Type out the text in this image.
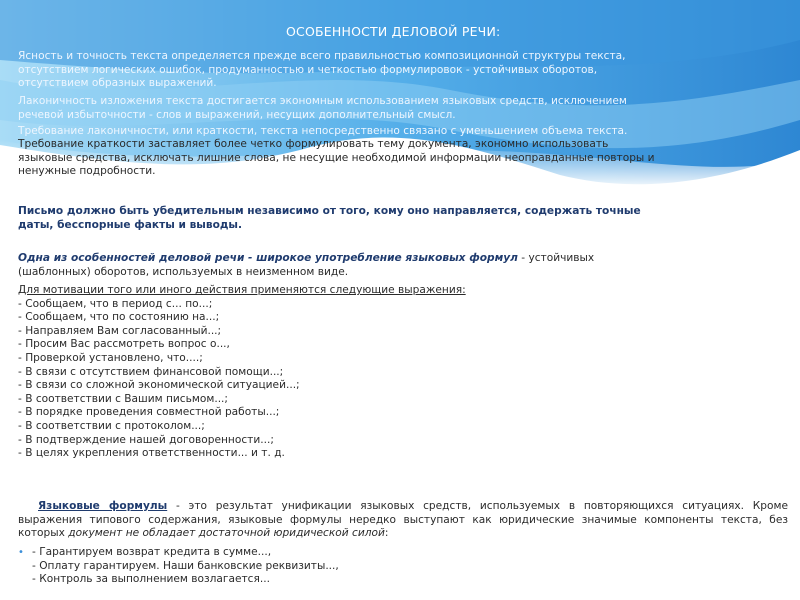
ОСОБЕННОСТИ ДЕЛОВОЙ РЕЧИ:
Ясность и точность текста определяется прежде всего правильностью композиционной структуры текста,
отсутствием логических ошибок, продуманностью и четкостью формулировок - устойчивых оборотов,
отсутствием образных выражений.
Лаконичность изложения текста достигается экономным использованием языковых средств, исключением
речевой избыточности - слов и выражений, несущих дополнительный смысл.
Требование лаконичности, или краткости, текста непосредственно связано с уменьшением объема текста.
Требование краткости заставляет более четко формулировать тему документа, экономно использовать
языковые средства, исключать лишние слова, не несущие необходимой информации неоправданные повторы и
ненужные подробности.
Письмо должно быть убедительным независимо от того, кому оно направляется, содержать точные
даты, бесспорные факты и выводы.
Одна из особенностей деловой речи - широкое употребление языковых формул - устойчивых
(шаблонных) оборотов, используемых в неизменном виде.
Для мотивации того или иного действия применяются следующие выражения:
- Сообщаем, что в период с... по...;
- Сообщаем, что по состоянию на...;
- Направляем Вам согласованный...;
- Просим Вас рассмотреть вопрос о...,
- Проверкой установлено, что....;
- В связи с отсутствием финансовой помощи...;
- В связи со сложной экономической ситуацией...;
- В соответствии с Вашим письмом...;
- В порядке проведения совместной работы...;
- В соответствии с протоколом...;
- В подтверждение нашей договоренности...;
- В целях укрепления ответственности... и т. д.
Языковые формулы - это результат унификации языковых средств, используемых в повторяющихся ситуациях. Кроме выражения типового содержания, языковые формулы нередко выступают как юридические значимые компоненты текста, без которых документ не обладает достаточной юридической силой:
• - Гарантируем возврат кредита в сумме...,
- Оплату гарантируем. Наши банковские реквизиты...,
- Контроль за выполнением возлагается...
